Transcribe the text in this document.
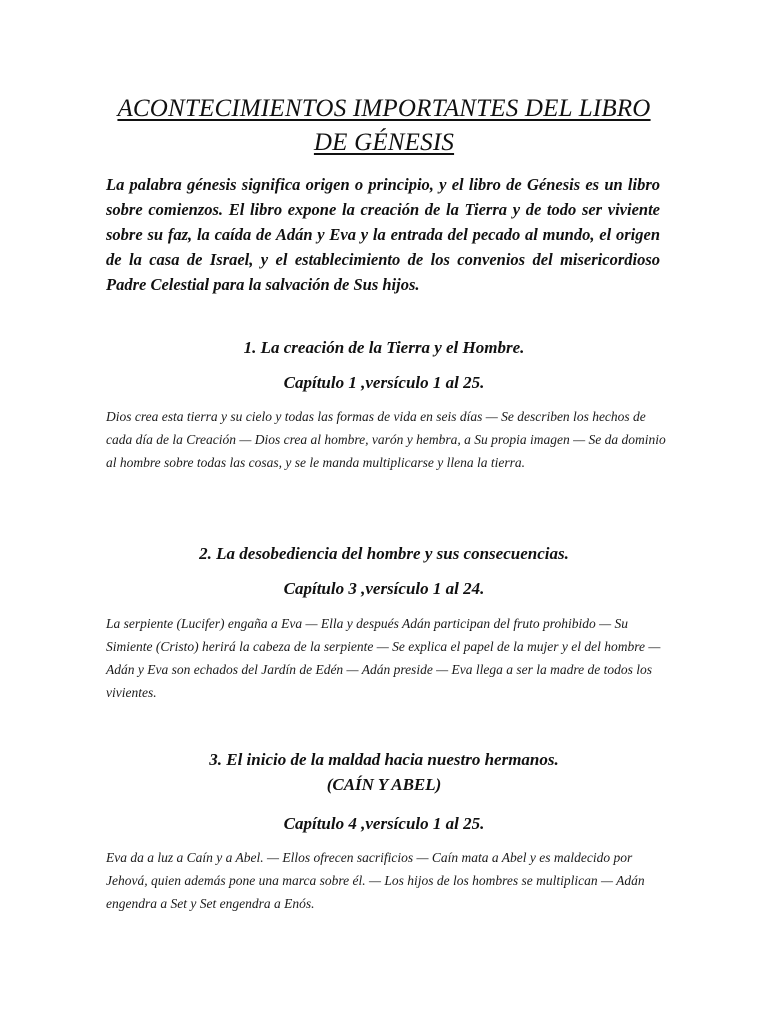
ACONTECIMIENTOS IMPORTANTES DEL LIBRO
DE GÉNESIS

La palabra génesis significa origen o principio, y el libro de Génesis es un libro sobre comienzos. El libro expone la creación de la Tierra y de todo ser viviente sobre su faz, la caída de Adán y Eva y la entrada del pecado al mundo, el origen de la casa de Israel, y el establecimiento de los convenios del misericordioso Padre Celestial para la salvación de Sus hijos.

1. La creación de la Tierra y el Hombre.
Capítulo 1 ,versículo 1 al 25.

Dios crea esta tierra y su cielo y todas las formas de vida en seis días — Se describen los hechos de cada día de la Creación — Dios crea al hombre, varón y hembra, a Su propia imagen — Se da dominio al hombre sobre todas las cosas, y se le manda multiplicarse y llena la tierra.

2. La desobediencia del hombre y sus consecuencias.
Capítulo 3 ,versículo 1 al 24.

La serpiente (Lucifer) engaña a Eva — Ella y después Adán participan del fruto prohibido — Su Simiente (Cristo) herirá la cabeza de la serpiente — Se explica el papel de la mujer y el del hombre — Adán y Eva son echados del Jardín de Edén — Adán preside — Eva llega a ser la madre de todos los vivientes.

3. El inicio de la maldad hacia nuestro hermanos.
(CAÍN Y ABEL)
Capítulo 4 ,versículo 1 al 25.

Eva da a luz a Caín y a Abel. — Ellos ofrecen sacrificios — Caín mata a Abel y es maldecido por Jehová, quien además pone una marca sobre él. — Los hijos de los hombres se multiplican — Adán engendra a Set y Set engendra a Enós.
